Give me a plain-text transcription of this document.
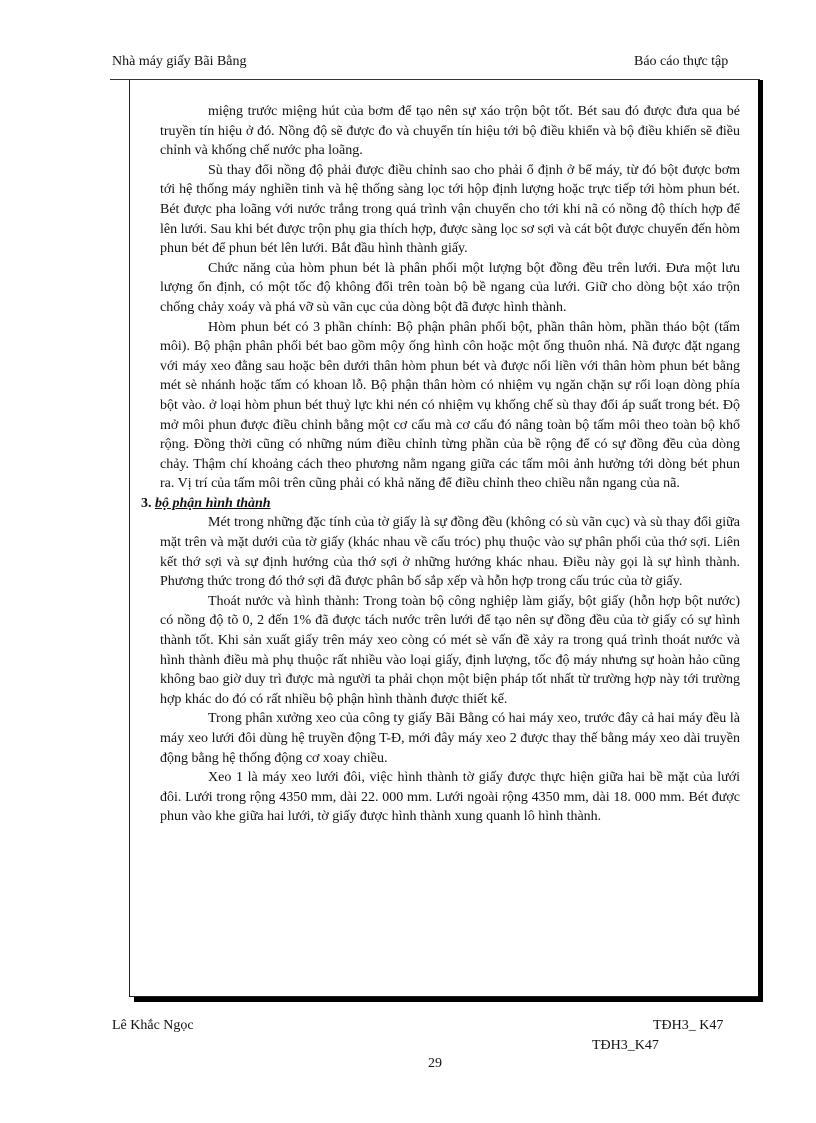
Nhà máy giấy Bãi Bằng	Báo cáo thực tập

miệng trước miệng hút của bơm để tạo nên sự xáo trộn bột tốt. Bét sau đó được đưa qua bé truyền tín hiệu ở đó. Nồng độ sẽ được đo và chuyển tín hiệu tới bộ điều khiển và bộ điều khiển sẽ điều chỉnh và khống chế nước pha loãng.

Sù thay đổi nồng độ phải được điều chỉnh sao cho phải ổ định ở bể máy, từ đó bột được bơm tới hệ thống máy nghiền tinh và hệ thống sàng lọc tới hộp định lượng hoặc trực tiếp tới hòm phun bét. Bét được pha loãng với nước trắng trong quá trình vận chuyển cho tới khi nã có nồng độ thích hợp để lên lưới. Sau khi bét được trộn phụ gia thích hợp, được sàng lọc sơ sợi và cát bột được chuyển đến hòm phun bét để phun bét lên lưới. Bắt đầu hình thành giấy.

Chức năng của hòm phun bét là phân phối một lượng bột đồng đều trên lưới. Đưa một lưu lượng ổn định, có một tốc độ không đổi trên toàn bộ bề ngang của lưới. Giữ cho dòng bột xáo trộn chống chảy xoáy và phá vỡ sù vãn cục của dòng bột đã được hình thành.

Hòm phun bét có 3 phần chính: Bộ phận phân phối bột, phần thân hòm, phần tháo bột (tấm môi). Bộ phận phân phối bét bao gồm mộy ống hình côn hoặc một ống thuôn nhá. Nã được đặt ngang với máy xeo đằng sau hoặc bên dưới thân hòm phun bét và được nối liền với thân hòm phun bét bằng mét sè nhánh hoặc tấm có khoan lỗ. Bộ phận thân hòm có nhiệm vụ ngăn chặn sự rối loạn dòng phía bột vào. ở loại hòm phun bét thuỷ lực khi nén có nhiệm vụ khống chế sù thay đổi áp suất trong bét. Độ mở môi phun được điều chỉnh bằng một cơ cấu mà cơ cấu đó nâng toàn bộ tấm môi theo toàn bộ khổ rộng. Đồng thời cũng có những núm điều chỉnh từng phần của bề rộng để có sự đồng đều của dòng chảy. Thậm chí khoảng cách theo phương nằm ngang giữa các tấm môi ảnh hưởng tới dòng bét phun ra. Vị trí của tấm môi trên cũng phải có khả năng để điều chỉnh theo chiều nằn ngang của nã.

3. bộ phận hình thành

Mét trong những đặc tính của tờ giấy là sự đồng đều (không có sù vãn cục) và sù thay đổi giữa mặt trên và mặt dưới của tờ giấy (khác nhau về cấu tróc) phụ thuộc vào sự phân phối của thớ sợi. Liên kết thớ sợi và sự định hướng của thớ sợi ở những hướng khác nhau. Điều này gọi là sự hình thành. Phương thức trong đó thớ sợi đã được phân bố sắp xếp và hỗn hợp trong cấu trúc của tờ giấy.

Thoát nước và hình thành: Trong toàn bộ công nghiệp làm giấy, bột giấy (hỗn hợp bột nước) có nồng độ tõ 0, 2 đến 1% đã được tách nước trên lưới để tạo nên sự đồng đều của tờ giấy có sự hình thành tốt. Khi sản xuất giấy trên máy xeo còng có mét sè vấn đề xảy ra trong quá trình thoát nước và hình thành điều mà phụ thuộc rất nhiều vào loại giấy, định lượng, tốc độ máy nhưng sự hoàn hảo cũng không bao giờ duy trì được mà người ta phải chọn một biện pháp tốt nhất từ trường hợp này tới trường hợp khác do đó có rất nhiều bộ phận hình thành được thiết kế.

Trong phân xưởng xeo của công ty giấy Bãi Bằng có hai máy xeo, trước đây cả hai máy đều là máy xeo lưới đôi dùng hệ truyền động T-Đ, mới đây máy xeo 2 được thay thế bằng máy xeo dài truyền động bằng hệ thống động cơ xoay chiều.

Xeo 1 là máy xeo lưới đôi, việc hình thành tờ giấy được thực hiện giữa hai bề mặt của lưới đôi. Lưới trong rộng 4350 mm, dài 22. 000 mm. Lưới ngoài rộng 4350 mm, dài 18. 000 mm. Bét được phun vào khe giữa hai lưới, tờ giấy được hình thành xung quanh lô hình thành.

Lê Khắc Ngọc	TĐH3_ K47
TĐH3_K47
29
